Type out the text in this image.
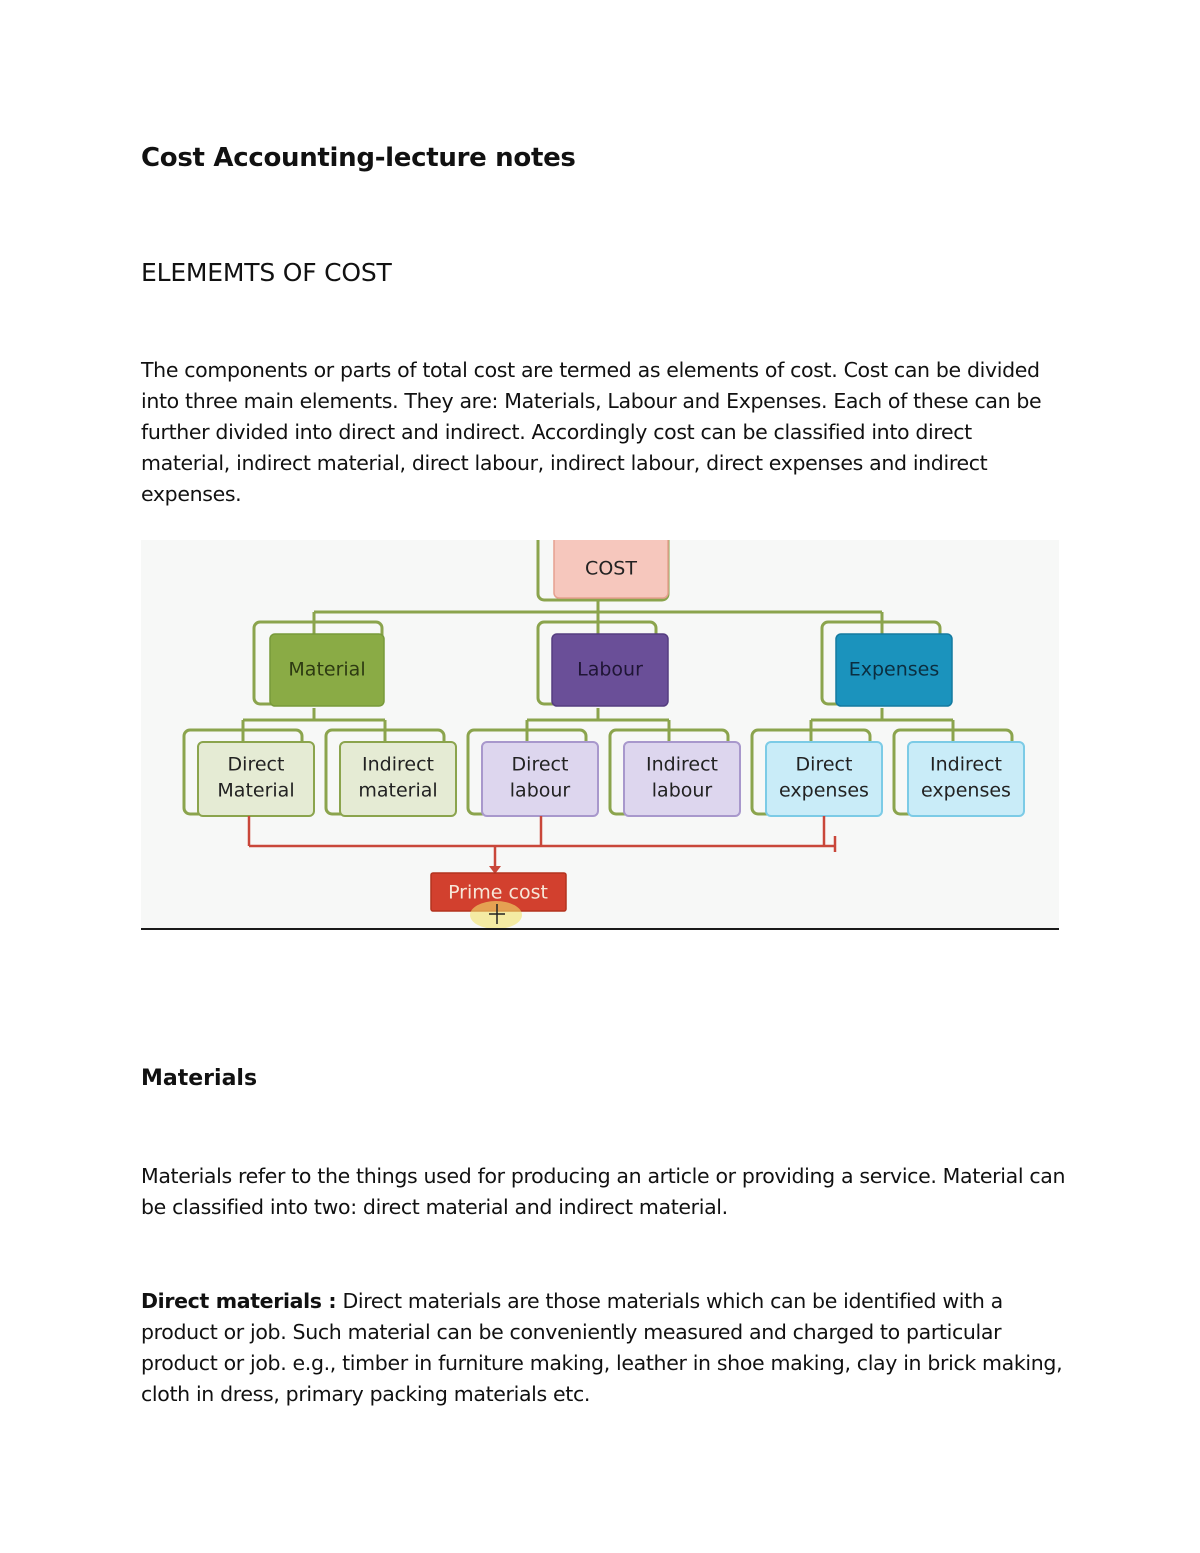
Cost Accounting-lecture notes
ELEMEMTS OF COST

The components or parts of total cost are termed as elements of cost. Cost can be divided into three main elements. They are: Materials, Labour and Expenses. Each of these can be further divided into direct and indirect. Accordingly cost can be classified into direct material, indirect material, direct labour, indirect labour, direct expenses and indirect expenses.

COST
Material	Labour	Expenses
Direct
Material
Indirect
material
Direct
labour
Indirect
labour
Direct
expenses
Indirect
expenses
Prime cost
Materials

Materials refer to the things used for producing an article or providing a service. Material can be classified into two: direct material and indirect material.

Direct materials : Direct materials are those materials which can be identified with a product or job. Such material can be conveniently measured and charged to particular product or job. e.g., timber in furniture making, leather in shoe making, clay in brick making, cloth in dress, primary packing materials etc.
